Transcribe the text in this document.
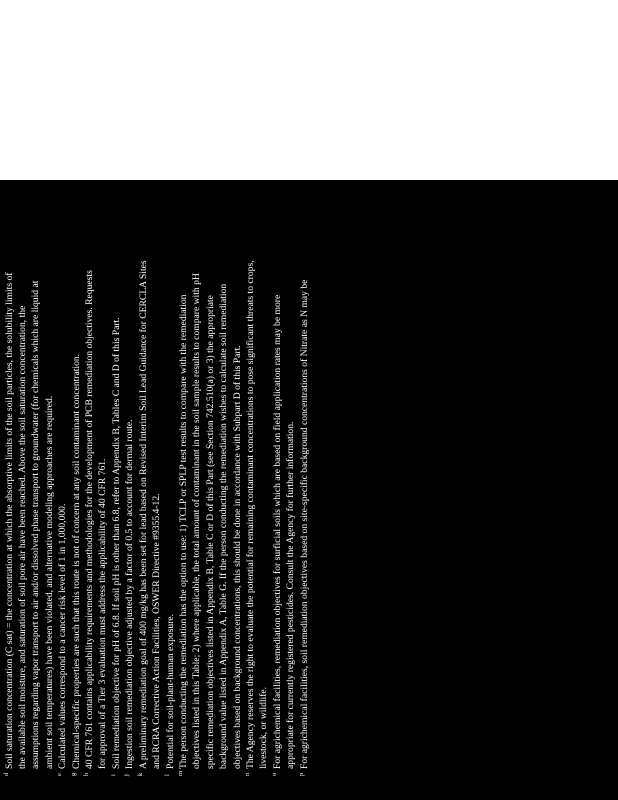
d
Soil saturation concentration (C sat) = the concentration at which the absorptive limits of the soil particles, the solubility limits of the available soil moisture, and saturation of soil pore air have been reached. Above the soil saturation concentration, the assumptions regarding vapor transport to air and/or dissolved phase transport to groundwater (for chemicals which are liquid at ambient soil temperatures) have been violated, and alternative modeling approaches are required.
e
Calculated values correspond to a cancer risk level of 1 in 1,000,000.
g
Chemical-specific properties are such that this route is not of concern at any soil contaminant concentration.
h
40 CFR 761 contains applicability requirements and methodologies for the development of PCB remediation objectives. Requests for approval of a Tier 3 evaluation must address the applicability of 40 CFR 761.
i
Soil remediation objective for pH of 6.8. If soil pH is other than 6.8, refer to Appendix B, Tables C and D of this Part.
j
Ingestion soil remediation objective adjusted by a factor of 0.5 to account for dermal route.
k
A preliminary remediation goal of 400 mg/kg has been set for lead based on Revised Interim Soil Lead Guidance for CERCLA Sites and RCRA Corrective Action Facilities, OSWER Directive #9355.4-12.
l
Potential for soil-plant-human exposure.
m
The person conducting the remediation has the option to use: 1) TCLP or SPLP test results to compare with the remediation objectives listed in this Table; 2) where applicable, the total amount of contaminant in the soil sample results to compare with pH specific remediation objectives listed in Appendix B, Table C or D of this Part (see Section 742.510(a) or 3) the appropriate background value listed in Appendix A, Table G. If the person conducting the remediation wishes to calculate soil remediation objectives based on background concentrations, this should be done in accordance with Subpart D of this Part.
n
The Agency reserves the right to evaluate the potential for remaining contaminant concentrations to pose significant threats to crops, livestock, or wildlife.
o
For agrichemical facilities, remediation objectives for surficial soils which are based on field application rates may be more appropriate for currently registered pesticides. Consult the Agency for further information.
p
For agrichemical facilities, soil remediation objectives based on site-specific background concentrations of Nitrate as N may be
